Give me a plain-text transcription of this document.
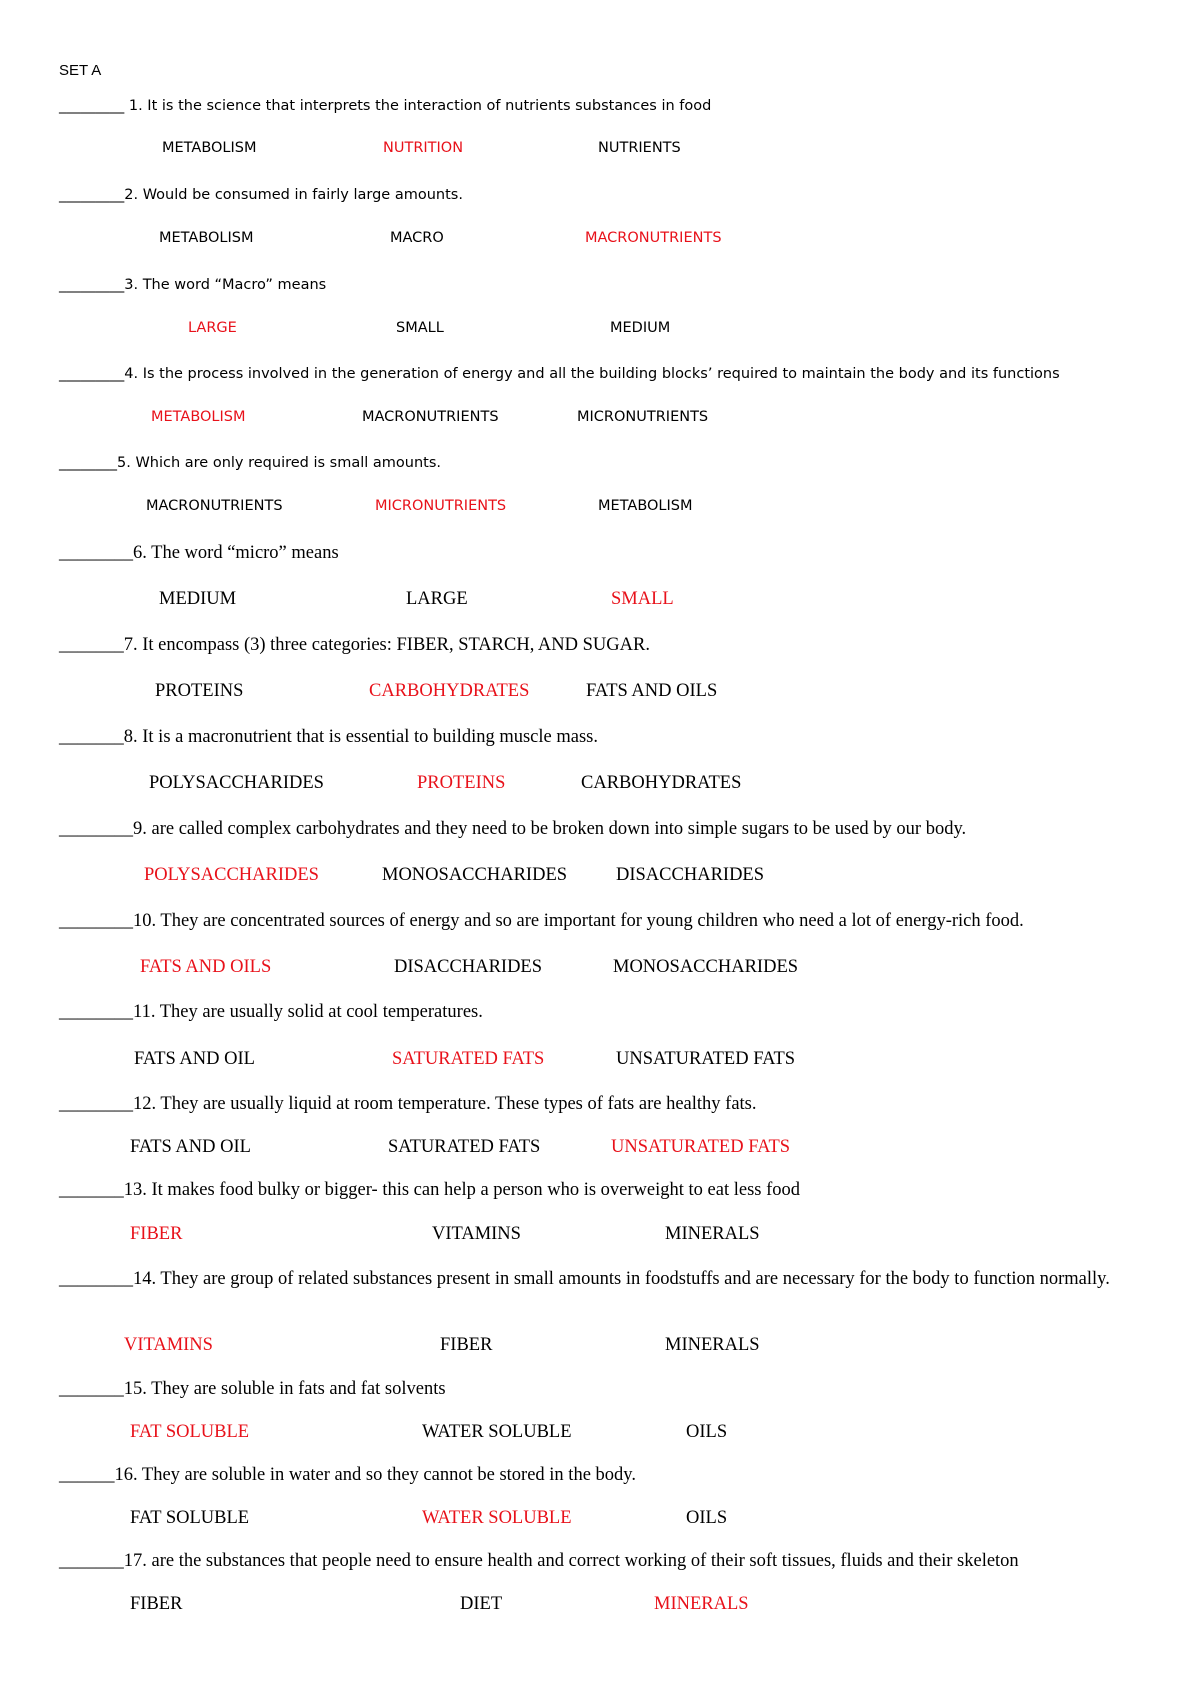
SET A
_________ 1. It is the science that interprets the interaction of nutrients substances in food
METABOLISM	NUTRITION	NUTRIENTS
_________2. Would be consumed in fairly large amounts.
METABOLISM	MACRO	MACRONUTRIENTS
_________3. The word “Macro” means
LARGE	SMALL	MEDIUM
_________4. Is the process involved in the generation of energy and all the building blocks’ required to maintain the body and its functions
METABOLISM	MACRONUTRIENTS	MICRONUTRIENTS
________5. Which are only required is small amounts.
MACRONUTRIENTS	MICRONUTRIENTS	METABOLISM
________6. The word “micro” means
MEDIUM	LARGE	SMALL
_______7. It encompass (3) three categories: FIBER, STARCH, AND SUGAR.
PROTEINS	CARBOHYDRATES	FATS AND OILS
_______8. It is a macronutrient that is essential to building muscle mass.
POLYSACCHARIDES	PROTEINS	CARBOHYDRATES
________9. are called complex carbohydrates and they need to be broken down into simple sugars to be used by our body.
POLYSACCHARIDES	MONOSACCHARIDES	DISACCHARIDES
________10. They are concentrated sources of energy and so are important for young children who need a lot of energy-rich food.
FATS AND OILS	DISACCHARIDES	MONOSACCHARIDES
________11. They are usually solid at cool temperatures.
FATS AND OIL	SATURATED FATS	UNSATURATED FATS
________12. They are usually liquid at room temperature. These types of fats are healthy fats.
FATS AND OIL	SATURATED FATS	UNSATURATED FATS
_______13. It makes food bulky or bigger- this can help a person who is overweight to eat less food
FIBER	VITAMINS	MINERALS
________14. They are group of related substances present in small amounts in foodstuffs and are necessary for the body to function normally.
VITAMINS	FIBER	MINERALS
_______15. They are soluble in fats and fat solvents
FAT SOLUBLE	WATER SOLUBLE	OILS
______16. They are soluble in water and so they cannot be stored in the body.
FAT SOLUBLE	WATER SOLUBLE	OILS
_______17. are the substances that people need to ensure health and correct working of their soft tissues, fluids and their skeleton
FIBER	DIET	MINERALS
